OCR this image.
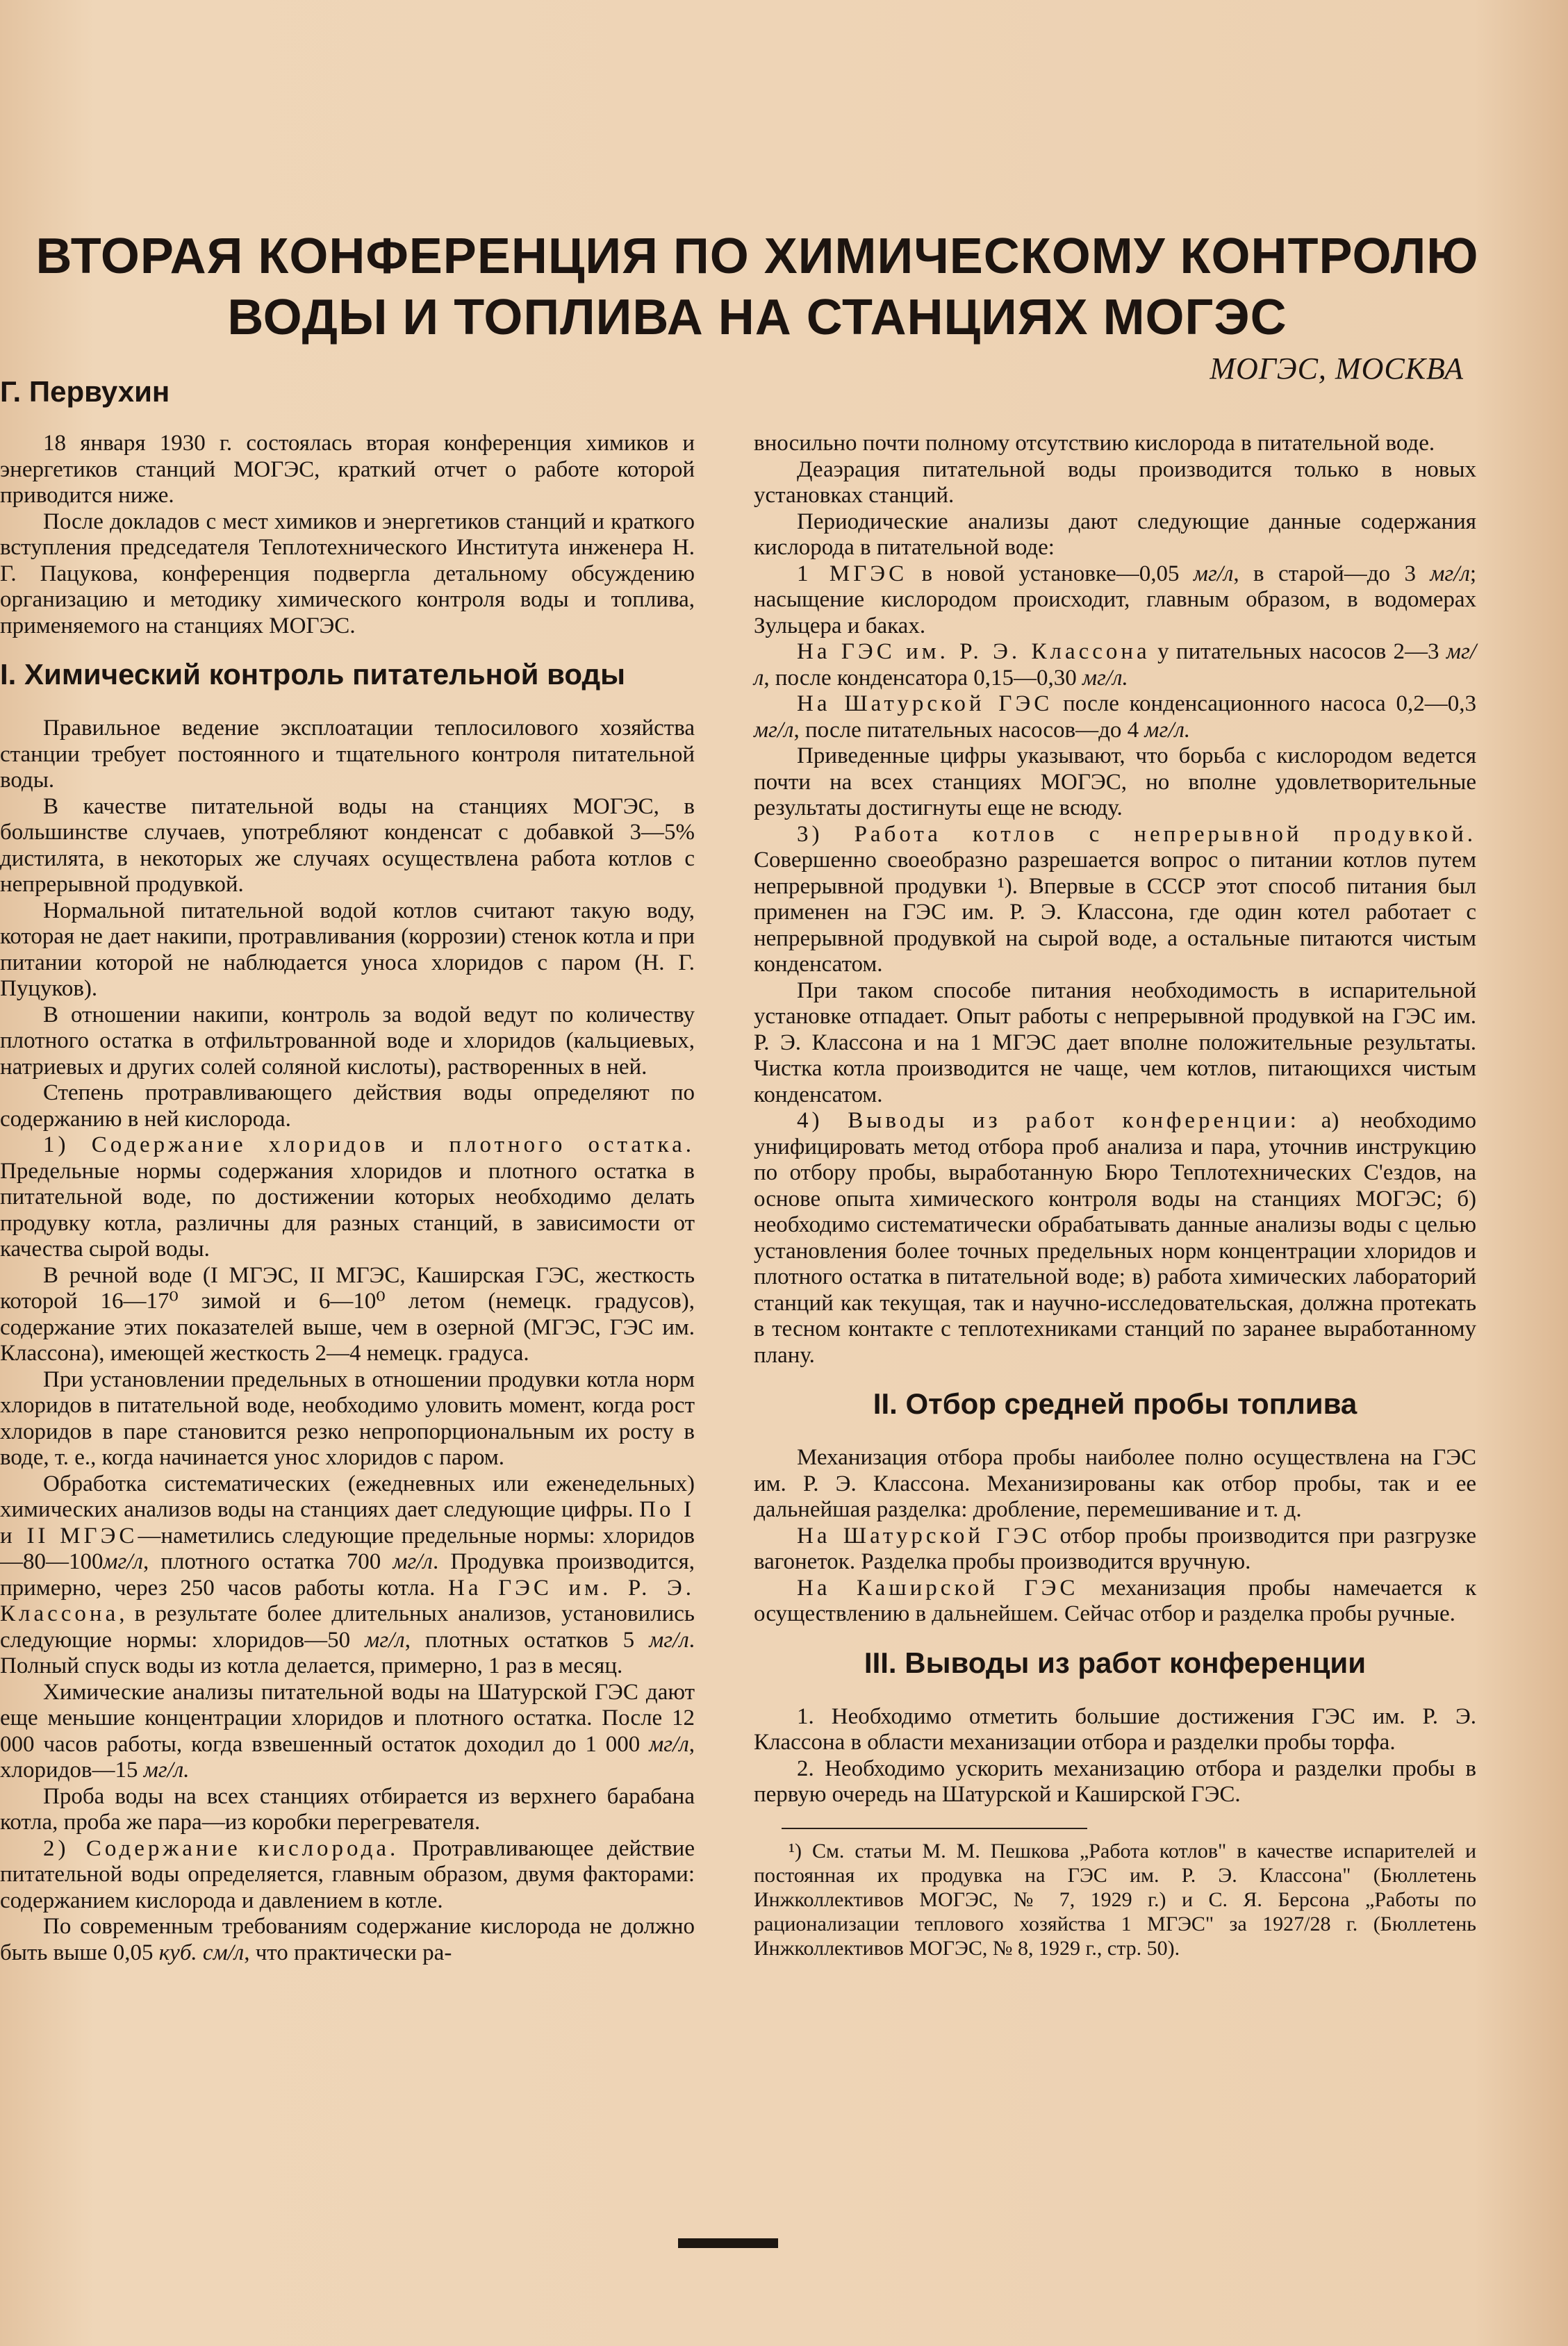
ВТОРАЯ КОНФЕРЕНЦИЯ ПО ХИМИЧЕСКОМУ КОНТРОЛЮ
ВОДЫ И ТОПЛИВА НА СТАНЦИЯХ МОГЭС
МОГЭС, МОСКВА
Г. Первухин

18 января 1930 г. состоялась вторая конференция химиков и энергетиков станций МОГЭС, краткий отчет о работе которой приводится ниже.

После докладов с мест химиков и энергетиков станций и краткого вступления председателя Теплотехнического Института инженера Н. Г. Пацукова, конференция подвергла детальному обсуждению организацию и методику химического контроля воды и топлива, применяемого на станциях МОГЭС.

I. Химический контроль питательной воды

Правильное ведение эксплоатации теплосилового хозяйства станции требует постоянного и тщательного контроля питательной воды.

В качестве питательной воды на станциях МОГЭС, в большинстве случаев, употребляют конденсат с добавкой 3—5% дистилята, в некоторых же случаях осуществлена работа котлов с непрерывной продувкой.

Нормальной питательной водой котлов считают такую воду, которая не дает накипи, протравливания (коррозии) стенок котла и при питании которой не наблюдается уноса хлоридов с паром (Н. Г. Пуцуков).

В отношении накипи, контроль за водой ведут по количеству плотного остатка в отфильтрованной воде и хлоридов (кальциевых, натриевых и других солей соляной кислоты), растворенных в ней.

Степень протравливающего действия воды определяют по содержанию в ней кислорода.

1) Содержание хлоридов и плотного остатка. Предельные нормы содержания хлоридов и плотного остатка в питательной воде, по достижении которых необходимо делать продувку котла, различны для разных станций, в зависимости от качества сырой воды.

В речной воде (I МГЭС, II МГЭС, Каширская ГЭС, жесткость которой 16—17⁰ зимой и 6—10⁰ летом (немецк. градусов), содержание этих показателей выше, чем в озерной (МГЭС, ГЭС им. Классона), имеющей жесткость 2—4 немецк. градуса.

При установлении предельных в отношении продувки котла норм хлоридов в питательной воде, необходимо уловить момент, когда рост хлоридов в паре становится резко непропорциональным их росту в воде, т. е., когда начинается унос хлоридов с паром.

Обработка систематических (ежедневных или еженедельных) химических анализов воды на станциях дает следующие цифры. По I и II МГЭС—наметились следующие предельные нормы: хлоридов—80—100мг/л, плотного остатка 700 мг/л. Продувка производится, примерно, через 250 часов работы котла. На ГЭС им. Р. Э. Классона, в результате более длительных анализов, установились следующие нормы: хлоридов—50 мг/л, плотных остатков 5 мг/л. Полный спуск воды из котла делается, примерно, 1 раз в месяц.

Химические анализы питательной воды на Шатурской ГЭС дают еще меньшие концентрации хлоридов и плотного остатка. После 12 000 часов работы, когда взвешенный остаток доходил до 1 000 мг/л, хлоридов—15 мг/л.

Проба воды на всех станциях отбирается из верхнего барабана котла, проба же пара—из коробки перегревателя.

2) Содержание кислорода. Протравливающее действие питательной воды определяется, главным образом, двумя факторами: содержанием кислорода и давлением в котле.

По современным требованиям содержание кислорода не должно быть выше 0,05 куб. см/л, что практически ра-

вносильно почти полному отсутствию кислорода в питательной воде.

Деаэрация питательной воды производится только в новых установках станций.

Периодические анализы дают следующие данные содержания кислорода в питательной воде:

1 МГЭС в новой установке—0,05 мг/л, в старой—до 3 мг/л; насыщение кислородом происходит, главным образом, в водомерах Зульцера и баках.

На ГЭС им. Р. Э. Классона у питательных насосов 2—3 мг/л, после конденсатора 0,15—0,30 мг/л.

На Шатурской ГЭС после конденсационного насоса 0,2—0,3 мг/л, после питательных насосов—до 4 мг/л.

Приведенные цифры указывают, что борьба с кислородом ведется почти на всех станциях МОГЭС, но вполне удовлетворительные результаты достигнуты еще не всюду.

3) Работа котлов с непрерывной продувкой. Совершенно своеобразно разрешается вопрос о питании котлов путем непрерывной продувки ¹). Впервые в СССР этот способ питания был применен на ГЭС им. Р. Э. Классона, где один котел работает с непрерывной продувкой на сырой воде, а остальные питаются чистым конденсатом.

При таком способе питания необходимость в испарительной установке отпадает. Опыт работы с непрерывной продувкой на ГЭС им. Р. Э. Классона и на 1 МГЭС дает вполне положительные результаты. Чистка котла производится не чаще, чем котлов, питающихся чистым конденсатом.

4) Выводы из работ конференции: а) необходимо унифицировать метод отбора проб анализа и пара, уточнив инструкцию по отбору пробы, выработанную Бюро Теплотехнических С'ездов, на основе опыта химического контроля воды на станциях МОГЭС; б) необходимо систематически обрабатывать данные анализы воды с целью установления более точных предельных норм концентрации хлоридов и плотного остатка в питательной воде; в) работа химических лабораторий станций как текущая, так и научно-исследовательская, должна протекать в тесном контакте с теплотехниками станций по заранее выработанному плану.

II. Отбор средней пробы топлива

Механизация отбора пробы наиболее полно осуществлена на ГЭС им. Р. Э. Классона. Механизированы как отбор пробы, так и ее дальнейшая разделка: дробление, перемешивание и т. д.

На Шатурской ГЭС отбор пробы производится при разгрузке вагонеток. Разделка пробы производится вручную.

На Каширской ГЭС механизация пробы намечается к осуществлению в дальнейшем. Сейчас отбор и разделка пробы ручные.

III. Выводы из работ конференции

1. Необходимо отметить большие достижения ГЭС им. Р. Э. Классона в области механизации отбора и разделки пробы торфа.

2. Необходимо ускорить механизацию отбора и разделки пробы в первую очередь на Шатурской и Каширской ГЭС.

¹) См. статьи М. М. Пешкова „Работа котлов" в качестве испарителей и постоянная их продувка на ГЭС им. Р. Э. Классона" (Бюллетень Инжколлективов МОГЭС, № 7, 1929 г.) и С. Я. Берсона „Работы по рационализации теплового хозяйства 1 МГЭС" за 1927/28 г. (Бюллетень Инжколлективов МОГЭС, № 8, 1929 г., стр. 50).
